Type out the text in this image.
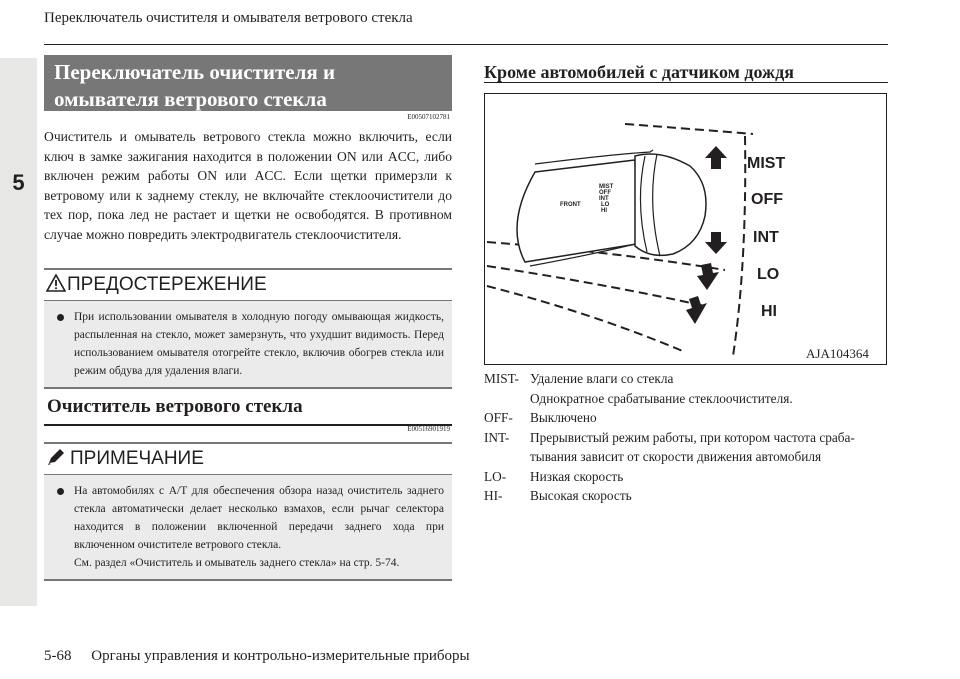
Переключатель очистителя и омывателя ветрового стекла
5
Переключатель очистителя и омывателя ветрового стекла
E00507102781
Очиститель и омыватель ветрового стекла можно включить, если ключ в замке зажигания находится в положении ON или ACC, либо включен режим работы ON или ACC. Если щетки примерзли к ветровому или к заднему стеклу, не включайте стеклоочистители до тех пор, пока лед не растает и щетки не освободятся. В противном случае можно повредить электродвигатель стеклоочистителя.
ПРЕДОСТЕРЕЖЕНИЕ
При использовании омывателя в холодную погоду омывающая жидкость, распыленная на стекло, может замерзнуть, что ухудшит видимость. Перед использованием омывателя отогрейте стекло, включив обогрев стекла или режим обдува для удаления влаги.
Очиститель ветрового стекла
E00516901919
ПРИМЕЧАНИЕ
На автомобилях с A/T для обеспечения обзора назад очиститель заднего стекла автоматически делает несколько взмахов, если рычаг селектора находится в положении включенной передачи заднего хода при включенном очистителе ветрового стекла.
См. раздел «Очиститель и омыватель заднего стекла» на стр. 5-74.
Кроме автомобилей с датчиком дождя
FRONT
MIST
OFF
INT
LO
HI
MIST
OFF
INT
LO
HI
AJA104364
MIST- Удаление влаги со стекла
Однократное срабатывание стеклоочистителя.
OFF-	Выключено
INT-	Прерывистый режим работы, при котором частота сраба-
тывания зависит от скорости движения автомобиля
LO-	Низкая скорость
HI-	Высокая скорость
5-68 Органы управления и контрольно-измерительные приборы
